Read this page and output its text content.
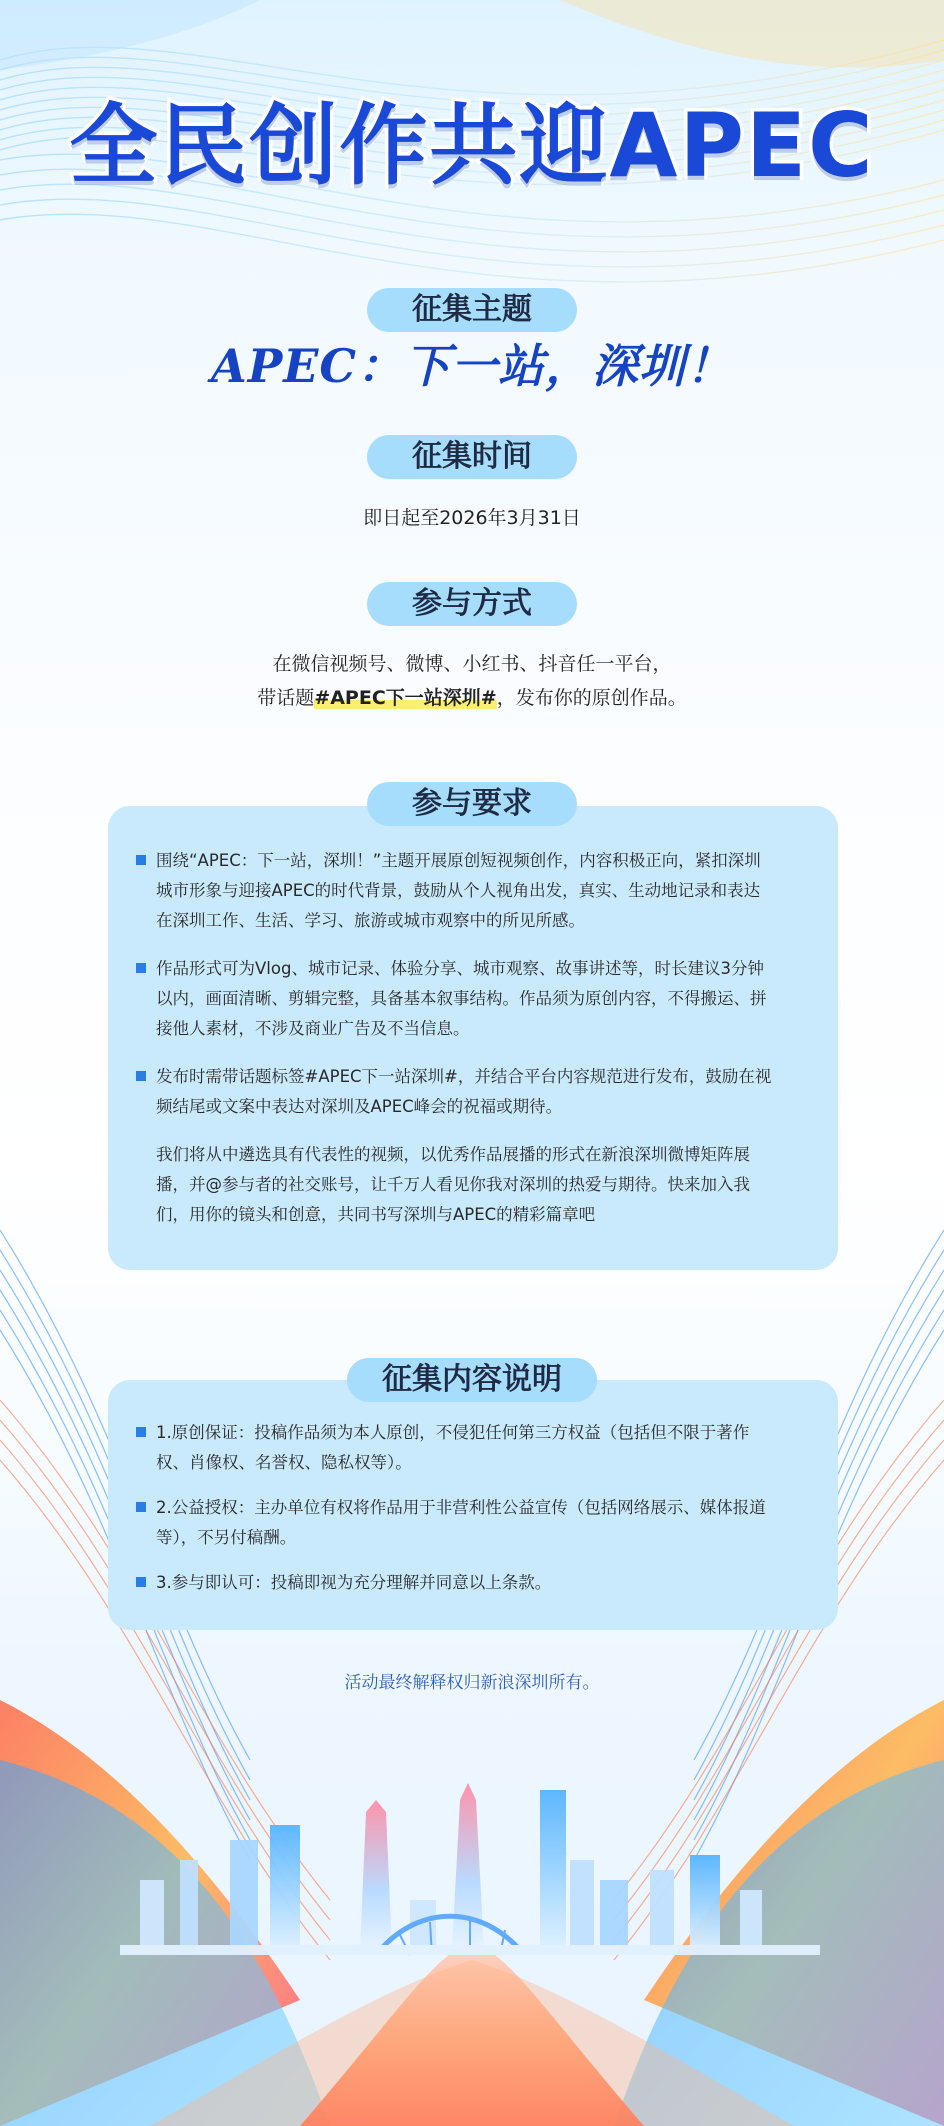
全民创作共迎APEC
征集主题
APEC：下一站，深圳！
征集时间
即日起至2026年3月31日
参与方式
在微信视频号、微博、小红书、抖音任一平台，
带话题#APEC下一站深圳#，发布你的原创作品。
围绕“APEC：下一站，深圳！”主题开展原创短视频创作，内容积极正向，紧扣深圳
城市形象与迎接APEC的时代背景，鼓励从个人视角出发，真实、生动地记录和表达
在深圳工作、生活、学习、旅游或城市观察中的所见所感。
作品形式可为Vlog、城市记录、体验分享、城市观察、故事讲述等，时长建议3分钟
以内，画面清晰、剪辑完整，具备基本叙事结构。作品须为原创内容，不得搬运、拼
接他人素材，不涉及商业广告及不当信息。
发布时需带话题标签#APEC下一站深圳#，并结合平台内容规范进行发布，鼓励在视
频结尾或文案中表达对深圳及APEC峰会的祝福或期待。
我们将从中遴选具有代表性的视频，以优秀作品展播的形式在新浪深圳微博矩阵展
播，并@参与者的社交账号，让千万人看见你我对深圳的热爱与期待。快来加入我
们，用你的镜头和创意，共同书写深圳与APEC的精彩篇章吧
参与要求
1.原创保证：投稿作品须为本人原创，不侵犯任何第三方权益（包括但不限于著作
权、肖像权、名誉权、隐私权等）。
2.公益授权：主办单位有权将作品用于非营利性公益宣传（包括网络展示、媒体报道
等），不另付稿酬。
3.参与即认可：投稿即视为充分理解并同意以上条款。
征集内容说明
活动最终解释权归新浪深圳所有。
